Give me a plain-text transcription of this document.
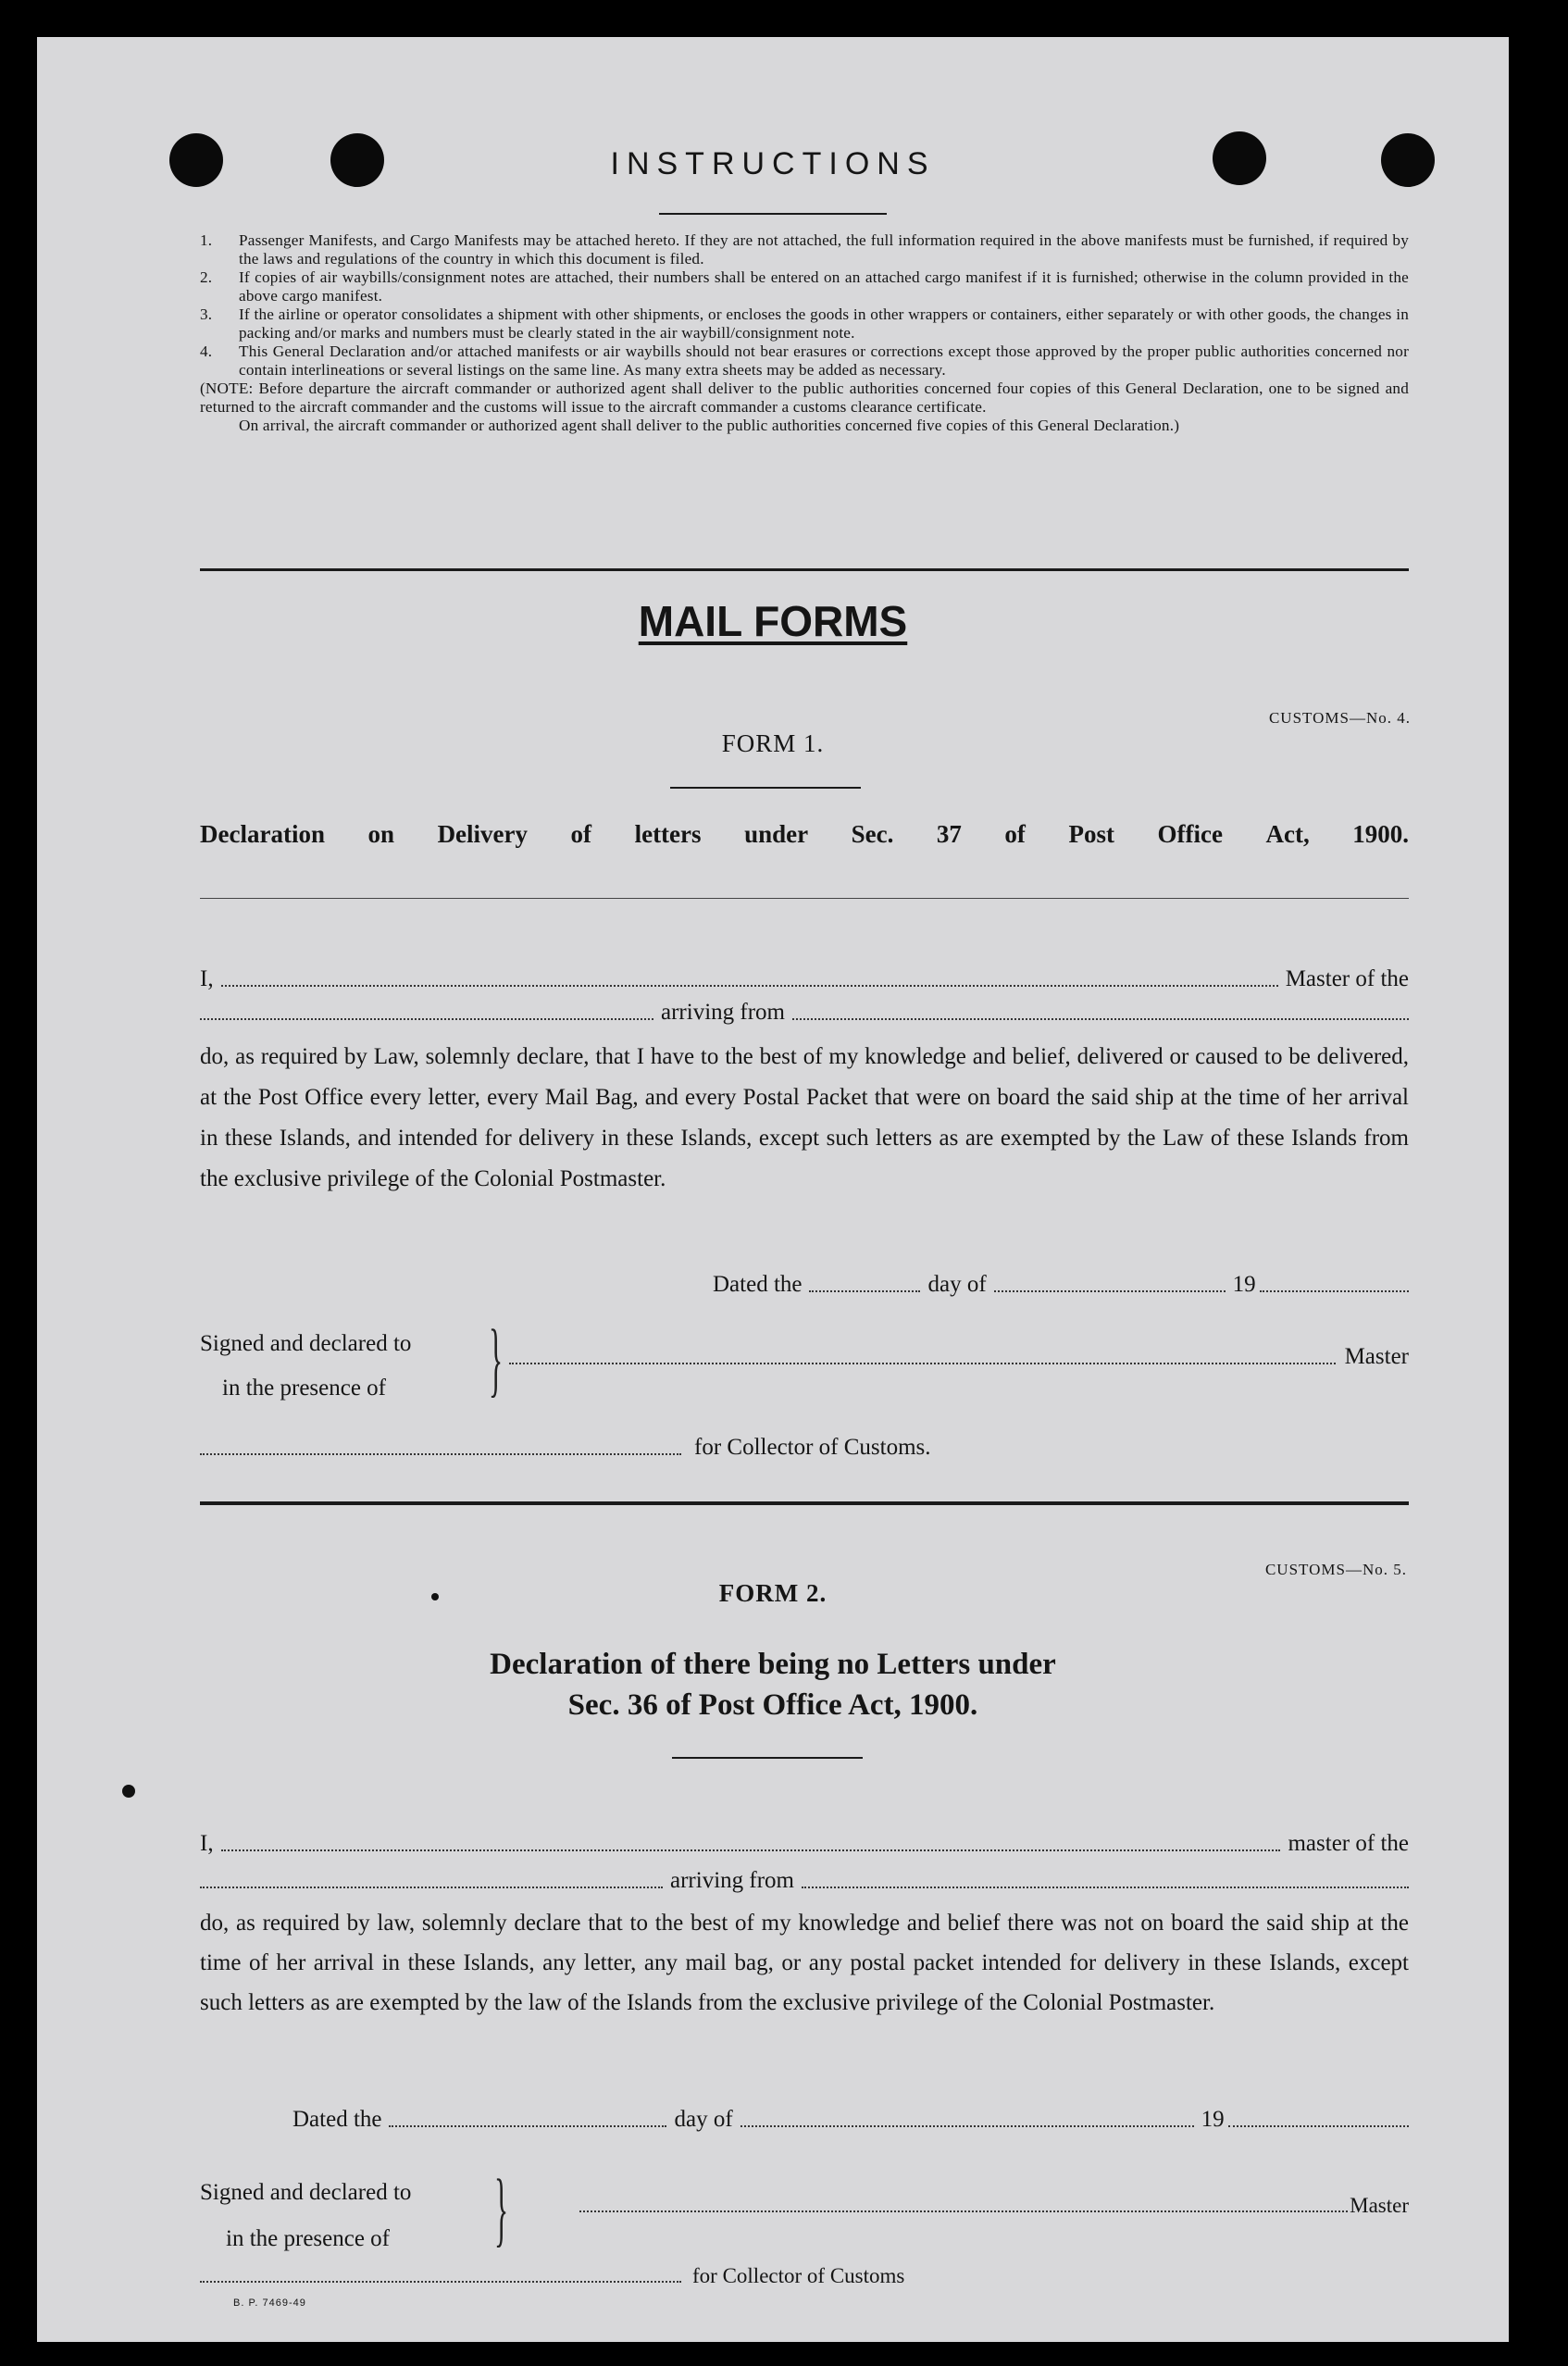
INSTRUCTIONS
1. Passenger Manifests, and Cargo Manifests may be attached hereto. If they are not attached, the full information required in the above manifests must be furnished, if required by the laws and regulations of the country in which this document is filed.
2. If copies of air waybills/consignment notes are attached, their numbers shall be entered on an attached cargo manifest if it is furnished; otherwise in the column provided in the above cargo manifest.
3. If the airline or operator consolidates a shipment with other shipments, or encloses the goods in other wrappers or containers, either separately or with other goods, the changes in packing and/or marks and numbers must be clearly stated in the air waybill/consignment note.
4. This General Declaration and/or attached manifests or air waybills should not bear erasures or corrections except those approved by the proper public authorities concerned nor contain interlineations or several listings on the same line. As many extra sheets may be added as necessary.
(NOTE: Before departure the aircraft commander or authorized agent shall deliver to the public authorities concerned four copies of this General Declaration, one to be signed and returned to the aircraft commander and the customs will issue to the aircraft commander a customs clearance certificate.
On arrival, the aircraft commander or authorized agent shall deliver to the public authorities concerned five copies of this General Declaration.)
MAIL FORMS
CUSTOMS—No. 4.
FORM 1.
Declaration on Delivery of letters under Sec. 37 of Post Office Act, 1900.
I,	Master of the
arriving from
do, as required by Law, solemnly declare, that I have to the best of my knowledge and belief, delivered or caused to be delivered, at the Post Office every letter, every Mail Bag, and every Postal Packet that were on board the said ship at the time of her arrival in these Islands, and intended for delivery in these Islands, except such letters as are exempted by the Law of these Islands from the exclusive privilege of the Colonial Postmaster.
Dated the	day of	19
Signed and declared to
in the presence of	}	Master
for Collector of Customs.
CUSTOMS—No. 5.
FORM 2.
Declaration of there being no Letters under
Sec. 36 of Post Office Act, 1900.
I,	master of the
arriving from
do, as required by law, solemnly declare that to the best of my knowledge and belief there was not on board the said ship at the time of her arrival in these Islands, any letter, any mail bag, or any postal packet intended for delivery in these Islands, except such letters as are exempted by the law of the Islands from the exclusive privilege of the Colonial Postmaster.
Dated the	day of	19
Signed and declared to
in the presence of }	Master
for Collector of Customs
B. P. 7469-49
